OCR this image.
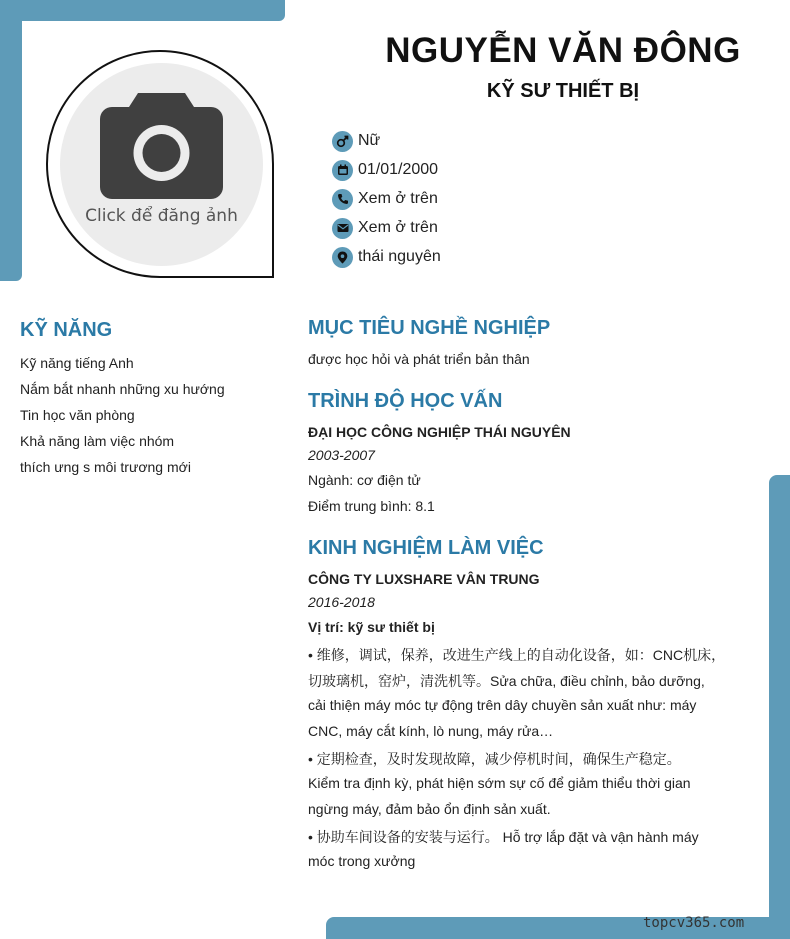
Click để đăng ảnh
NGUYỄN VĂN ĐÔNG
KỸ SƯ THIẾT BỊ
Nữ
01/01/2000
Xem ở trên
Xem ở trên
thái nguyên
KỸ NĂNG
Kỹ năng tiếng Anh
Nắm bắt nhanh những xu hướng
Tin học văn phòng
Khả năng làm việc nhóm
thích ưng s môi trương mới
MỤC TIÊU NGHỀ NGHIỆP
được học hỏi và phát triển bản thân
TRÌNH ĐỘ HỌC VẤN
ĐẠI HỌC CÔNG NGHIỆP THÁI NGUYÊN
2003-2007
Ngành: cơ điện tử
Điểm trung bình: 8.1
KINH NGHIỆM LÀM VIỆC
CÔNG TY LUXSHARE VÂN TRUNG
2016-2018
Vị trí: kỹ sư thiết bị
• 维修，调试，保养，改进生产线上的自动化设备，如：CNC机床，
切玻璃机，窑炉，清洗机等。Sửa chữa, điều chỉnh, bảo dưỡng,
cải thiện máy móc tự động trên dây chuyền sản xuất như: máy
CNC, máy cắt kính, lò nung, máy rửa…
• 定期检查，及时发现故障，减少停机时间，确保生产稳定。
Kiểm tra định kỳ, phát hiện sớm sự cố để giảm thiểu thời gian
ngừng máy, đảm bảo ổn định sản xuất.
• 协助车间设备的安装与运行。 Hỗ trợ lắp đặt và vận hành máy
móc trong xưởng
topcv365.com
